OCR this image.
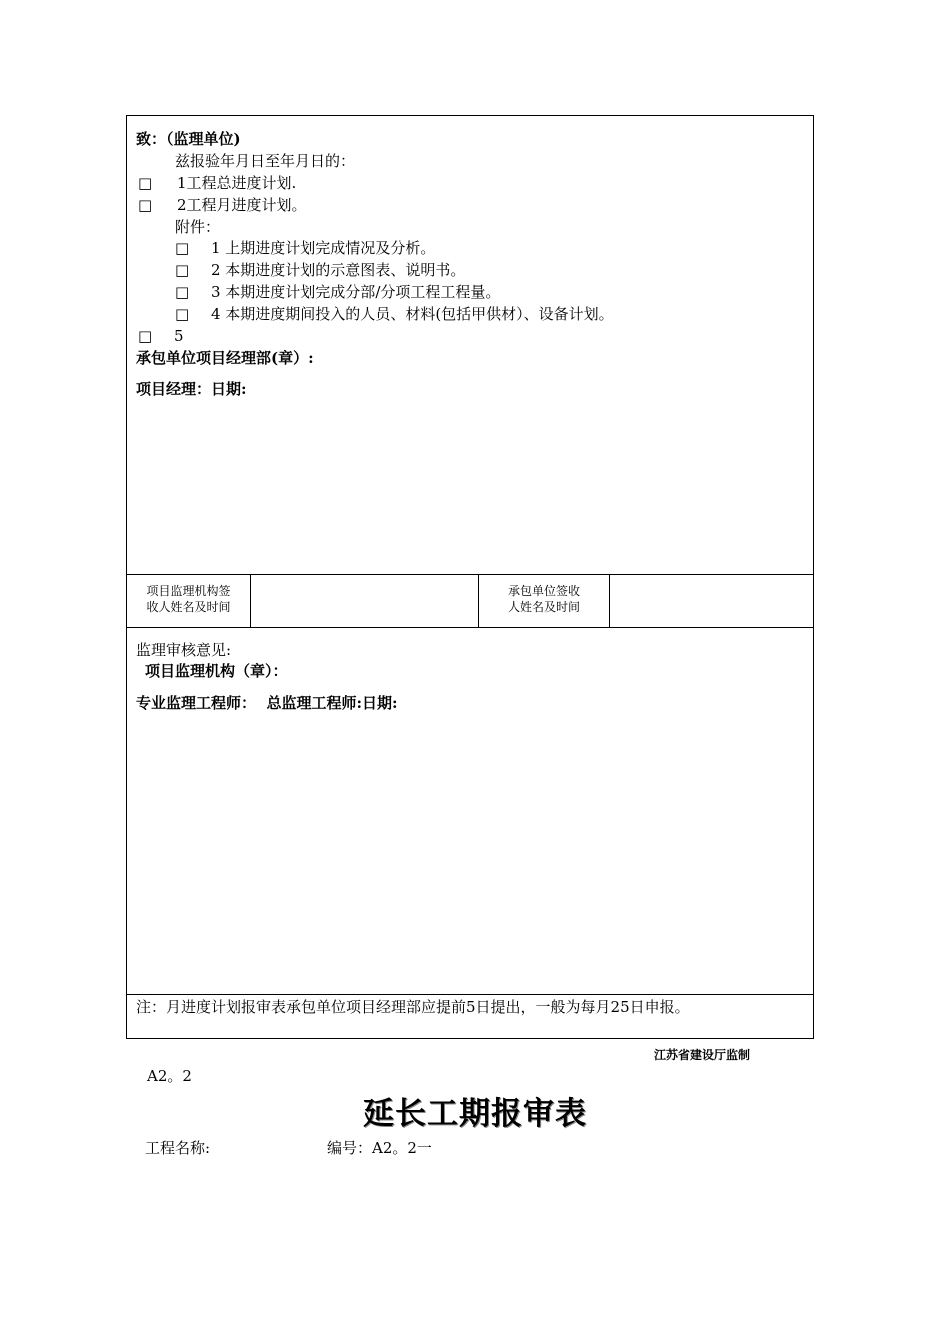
致：（监理单位)
兹报验年月日至年月日的：
□ 1工程总进度计划.
□ 2工程月进度计划。
附件：
□ 1 上期进度计划完成情况及分析。
□ 2 本期进度计划的示意图表、说明书。
□ 3 本期进度计划完成分部/分项工程工程量。
□ 4 本期进度期间投入的人员、材料(包括甲供材）、设备计划。
□ 5
承包单位项目经理部(章）:
项目经理：日期:
项目监理机构签
收人姓名及时间
承包单位签收
人姓名及时间
监理审核意见:
项目监理机构（章）：
专业监理工程师：  总监理工程师:日期:
注：月进度计划报审表承包单位项目经理部应提前5日提出，一般为每月25日申报。
江苏省建设厅监制
A2。2
延长工期报审表
工程名称:	编号：A2。2一
